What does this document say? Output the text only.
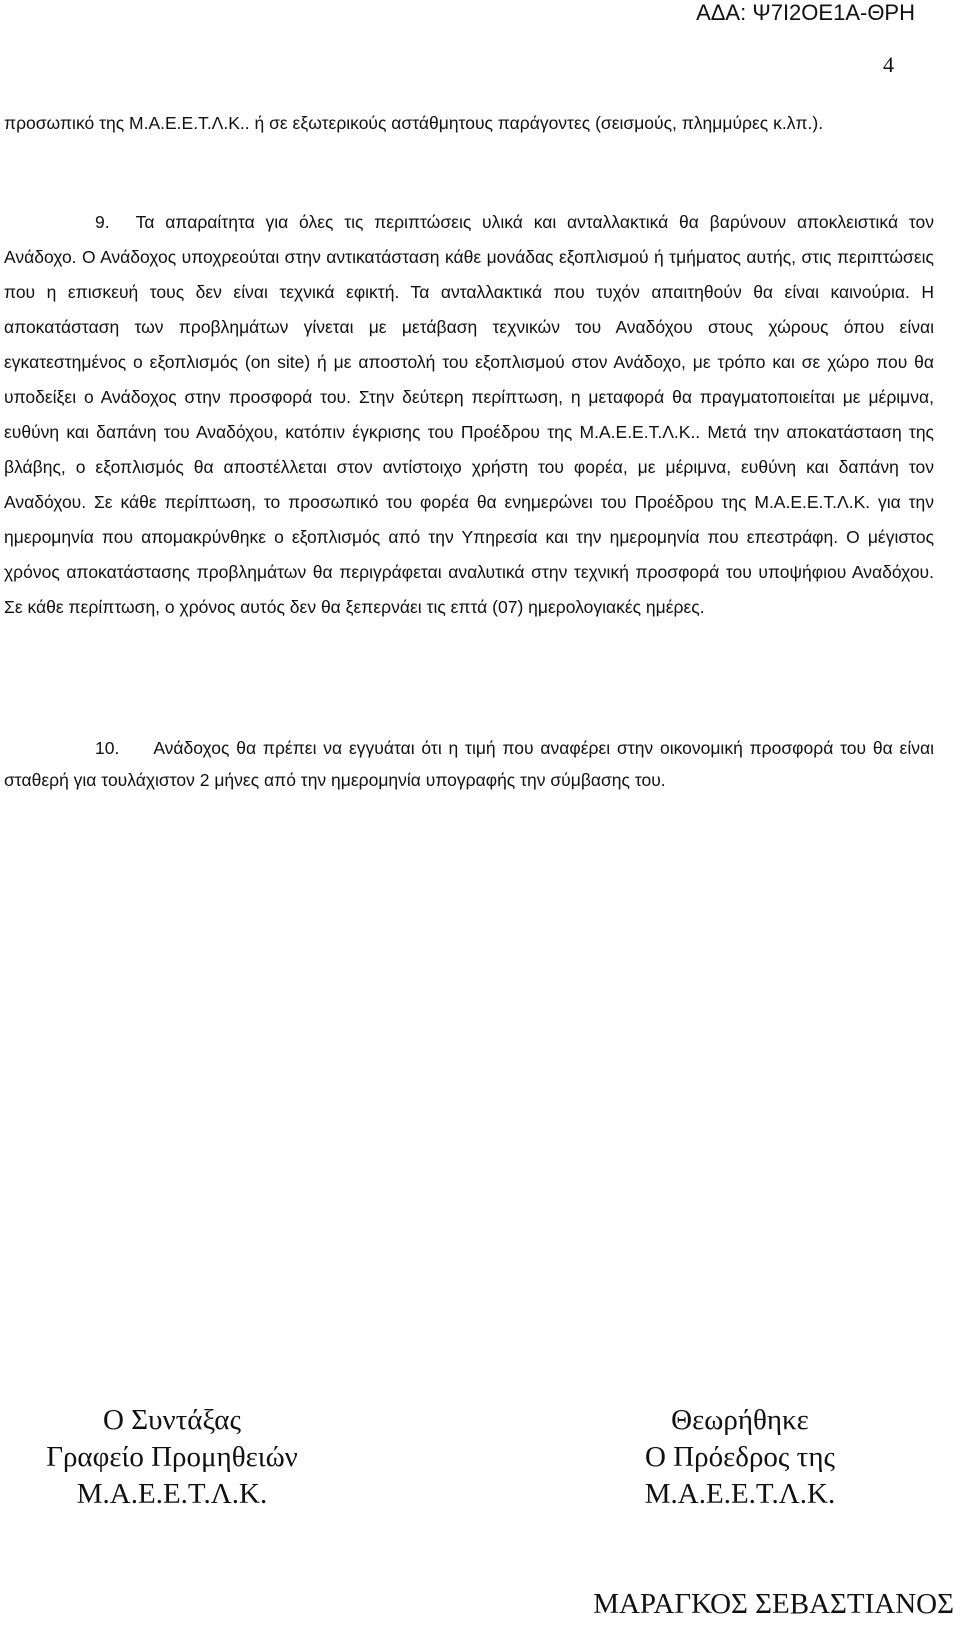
ΑΔΑ: Ψ7Ι2ΟΕ1Α-ΘΡΗ
4
προσωπικό της Μ.Α.Ε.Ε.Τ.Λ.Κ.. ή σε εξωτερικούς αστάθμητους παράγοντες (σεισμούς, πλημμύρες κ.λπ.).
9. Τα απαραίτητα για όλες τις περιπτώσεις υλικά και ανταλλακτικά θα βαρύνουν αποκλειστικά τον Ανάδοχο. Ο Ανάδοχος υποχρεούται στην αντικατάσταση κάθε μονάδας εξοπλισμού ή τμήματος αυτής, στις περιπτώσεις που η επισκευή τους δεν είναι τεχνικά εφικτή. Τα ανταλλακτικά που τυχόν απαιτηθούν θα είναι καινούρια. Η αποκατάσταση των προβλημάτων γίνεται με μετάβαση τεχνικών του Αναδόχου στους χώρους όπου είναι εγκατεστημένος ο εξοπλισμός (on site) ή με αποστολή του εξοπλισμού στον Ανάδοχο, με τρόπο και σε χώρο που θα υποδείξει ο Ανάδοχος στην προσφορά του. Στην δεύτερη περίπτωση, η μεταφορά θα πραγματοποιείται με μέριμνα, ευθύνη και δαπάνη του Αναδόχου, κατόπιν έγκρισης του Προέδρου της Μ.Α.Ε.Ε.Τ.Λ.Κ.. Μετά την αποκατάσταση της βλάβης, ο εξοπλισμός θα αποστέλλεται στον αντίστοιχο χρήστη του φορέα, με μέριμνα, ευθύνη και δαπάνη τον Αναδόχου. Σε κάθε περίπτωση, το προσωπικό του φορέα θα ενημερώνει του Προέδρου της Μ.Α.Ε.Ε.Τ.Λ.Κ. για την ημερομηνία που απομακρύνθηκε ο εξοπλισμός από την Υπηρεσία και την ημερομηνία που επεστράφη. Ο μέγιστος χρόνος αποκατάστασης προβλημάτων θα περιγράφεται αναλυτικά στην τεχνική προσφορά του υποψήφιου Αναδόχου. Σε κάθε περίπτωση, ο χρόνος αυτός δεν θα ξεπερνάει τις επτά (07) ημερολογιακές ημέρες.
10. Ανάδοχος θα πρέπει να εγγυάται ότι η τιμή που αναφέρει στην οικονομική προσφορά του θα είναι σταθερή για τουλάχιστον 2 μήνες από την ημερομηνία υπογραφής την σύμβασης του.
Ο Συντάξας
Γραφείο Προμηθειών
Μ.Α.Ε.Ε.Τ.Λ.Κ.
Θεωρήθηκε
Ο Πρόεδρος της
Μ.Α.Ε.Ε.Τ.Λ.Κ.
ΜΑΡΑΓΚΟΣ ΣΕΒΑΣΤΙΑΝΟΣ
